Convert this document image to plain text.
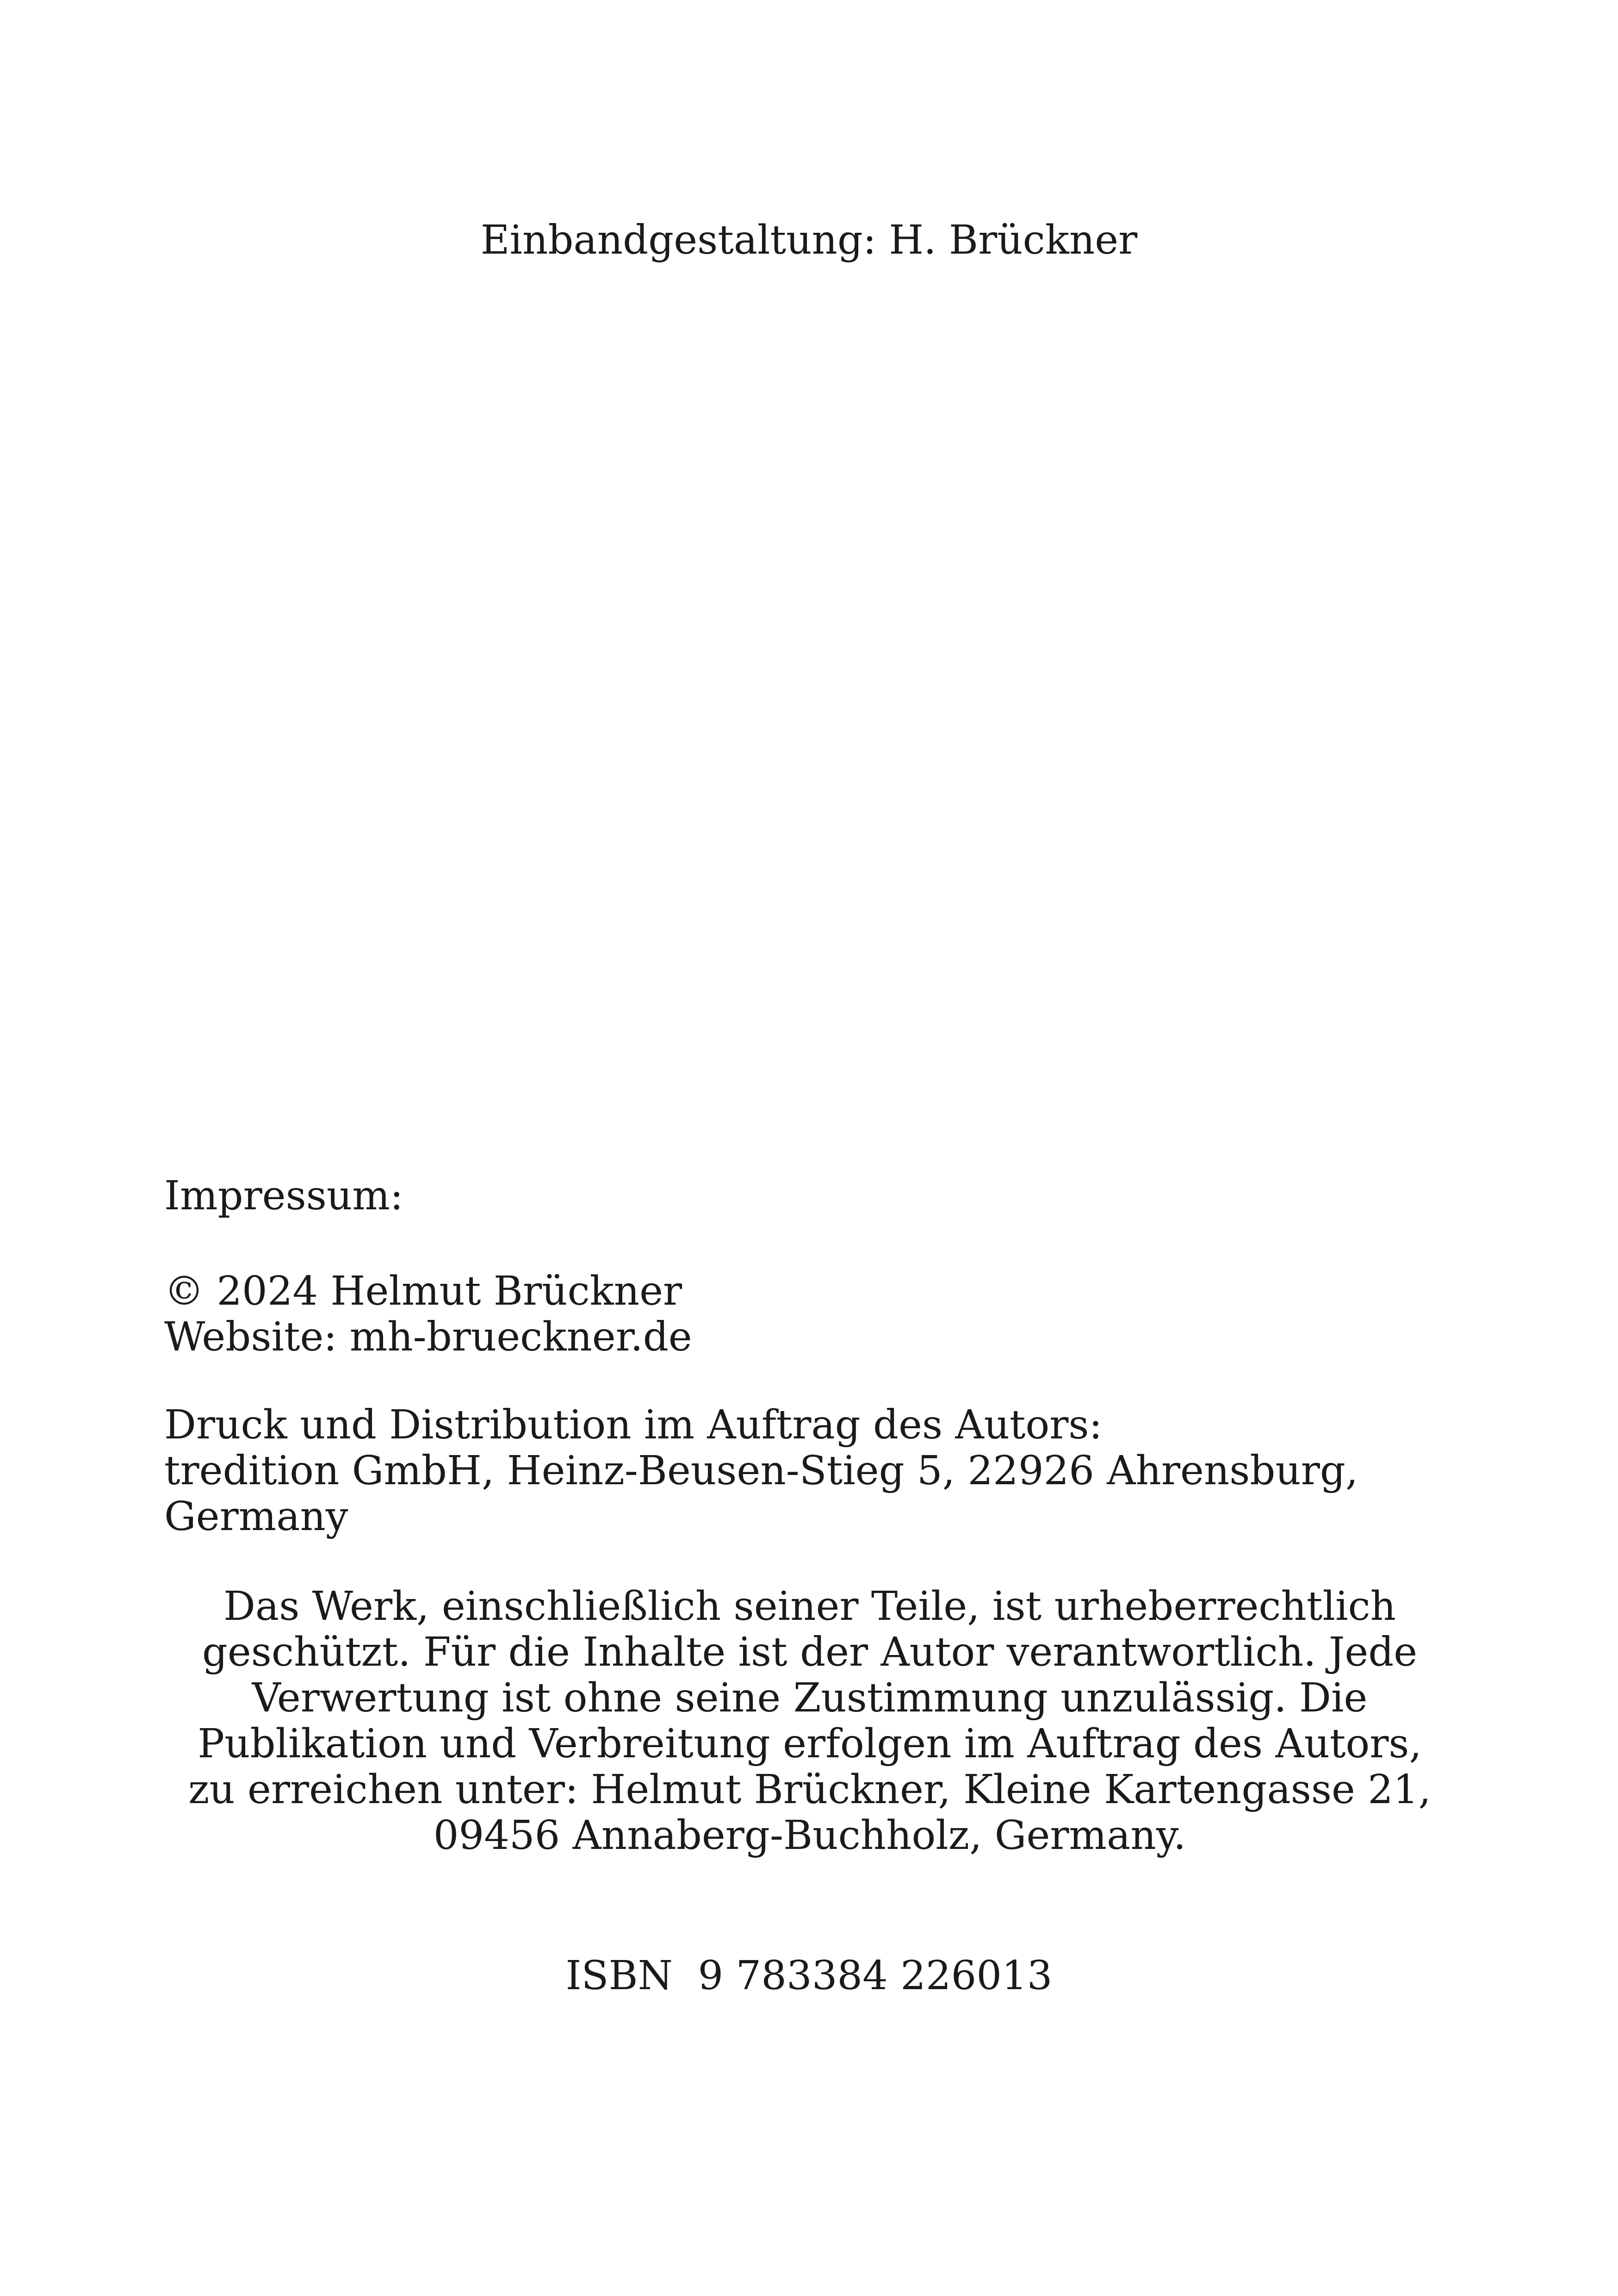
Einbandgestaltung: H. Brückner

Impressum:
© 2024 Helmut Brückner
Website: mh-brueckner.de
Druck und Distribution im Auftrag des Autors:
tredition GmbH, Heinz-Beusen-Stieg 5, 22926 Ahrensburg,
Germany
Das Werk, einschließlich seiner Teile, ist urheberrechtlich
geschützt. Für die Inhalte ist der Autor verantwortlich. Jede
Verwertung ist ohne seine Zustimmung unzulässig. Die
Publikation und Verbreitung erfolgen im Auftrag des Autors,
zu erreichen unter: Helmut Brückner, Kleine Kartengasse 21,
09456 Annaberg-Buchholz, Germany.

ISBN  9 783384 226013
